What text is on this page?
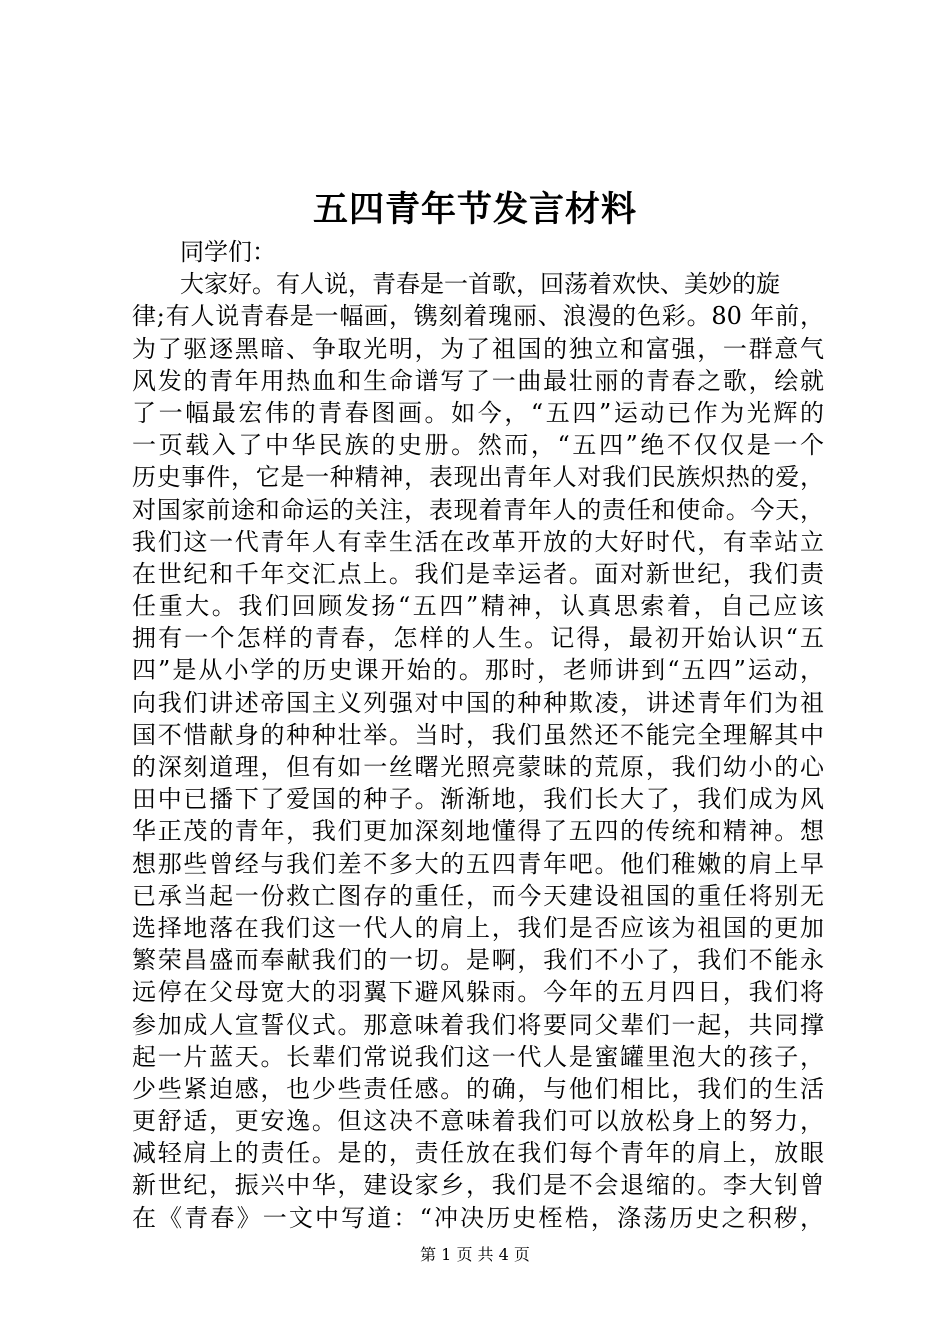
五四青年节发言材料
同学们：
大家好。有人说，青春是一首歌，回荡着欢快、美妙的旋
律;有人说青春是一幅画，镌刻着瑰丽、浪漫的色彩。80 年前，
为了驱逐黑暗、争取光明，为了祖国的独立和富强，一群意气
风发的青年用热血和生命谱写了一曲最壮丽的青春之歌，绘就
了一幅最宏伟的青春图画。如今，“五四”运动已作为光辉的
一页载入了中华民族的史册。然而，“五四”绝不仅仅是一个
历史事件，它是一种精神，表现出青年人对我们民族炽热的爱，
对国家前途和命运的关注，表现着青年人的责任和使命。今天，
我们这一代青年人有幸生活在改革开放的大好时代，有幸站立
在世纪和千年交汇点上。我们是幸运者。面对新世纪，我们责
任重大。我们回顾发扬“五四”精神，认真思索着，自己应该
拥有一个怎样的青春，怎样的人生。记得，最初开始认识“五
四”是从小学的历史课开始的。那时，老师讲到“五四”运动，
向我们讲述帝国主义列强对中国的种种欺凌，讲述青年们为祖
国不惜献身的种种壮举。当时，我们虽然还不能完全理解其中
的深刻道理，但有如一丝曙光照亮蒙昧的荒原，我们幼小的心
田中已播下了爱国的种子。渐渐地，我们长大了，我们成为风
华正茂的青年，我们更加深刻地懂得了五四的传统和精神。想
想那些曾经与我们差不多大的五四青年吧。他们稚嫩的肩上早
已承当起一份救亡图存的重任，而今天建设祖国的重任将别无
选择地落在我们这一代人的肩上，我们是否应该为祖国的更加
繁荣昌盛而奉献我们的一切。是啊，我们不小了，我们不能永
远停在父母宽大的羽翼下避风躲雨。今年的五月四日，我们将
参加成人宣誓仪式。那意味着我们将要同父辈们一起，共同撑
起一片蓝天。长辈们常说我们这一代人是蜜罐里泡大的孩子，
少些紧迫感，也少些责任感。的确，与他们相比，我们的生活
更舒适，更安逸。但这决不意味着我们可以放松身上的努力，
减轻肩上的责任。是的，责任放在我们每个青年的肩上，放眼
新世纪，振兴中华，建设家乡，我们是不会退缩的。李大钊曾
在《青春》一文中写道：“冲决历史桎梏，涤荡历史之积秽，
第 1 页 共 4 页
